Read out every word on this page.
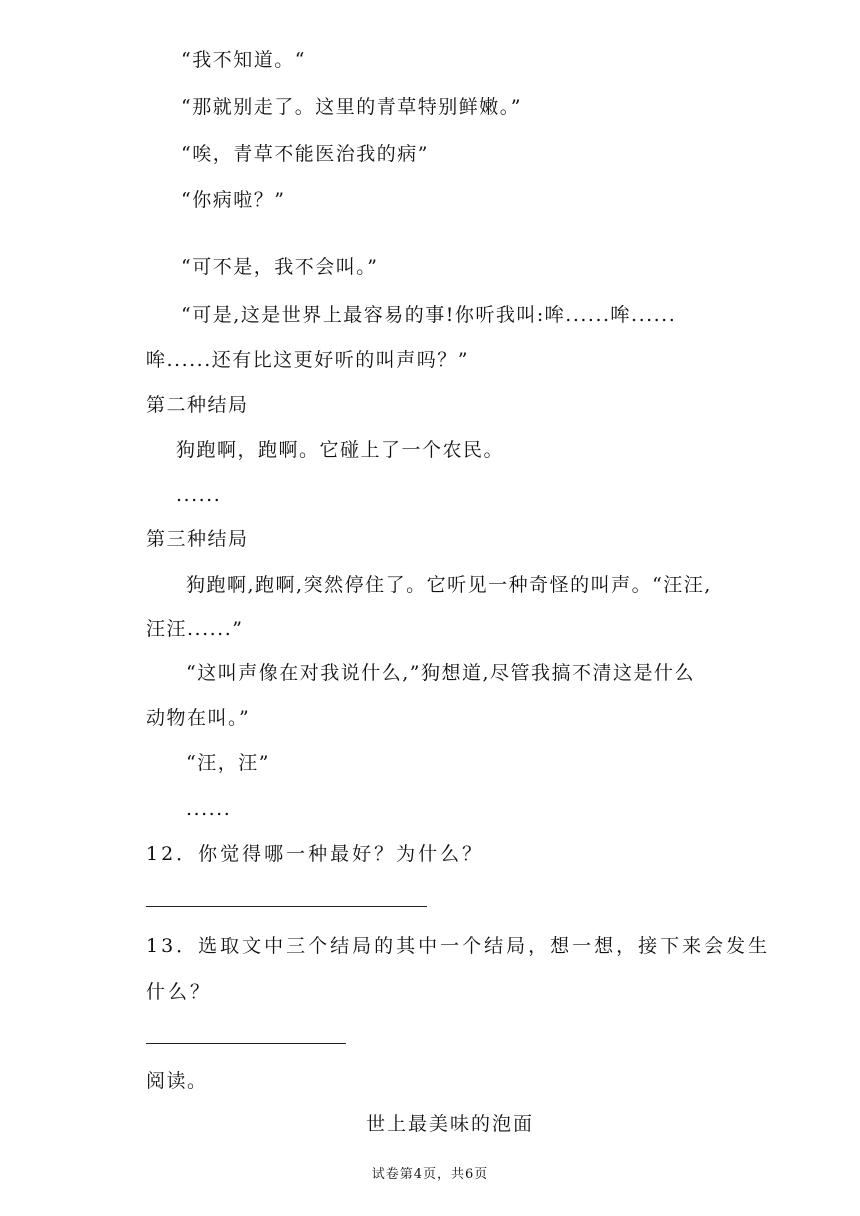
“我不知道。“
“那就别走了。这里的青草特别鲜嫩。”
“唉，青草不能医治我的病”
“你病啦？”
“可不是，我不会叫。”
“可是,这是世界上最容易的事!你听我叫:哞......哞......
哞......还有比这更好听的叫声吗？”
第二种结局
狗跑啊，跑啊。它碰上了一个农民。
......
第三种结局
狗跑啊,跑啊,突然停住了。它听见一种奇怪的叫声。“汪汪,
汪汪......”
“这叫声像在对我说什么,”狗想道,尽管我搞不清这是什么
动物在叫。”
“汪，汪”
......
12．你觉得哪一种最好？为什么？
13．选取文中三个结局的其中一个结局，想一想，接下来会发生
什么？
阅读。
世上最美味的泡面
试卷第4页，共6页
